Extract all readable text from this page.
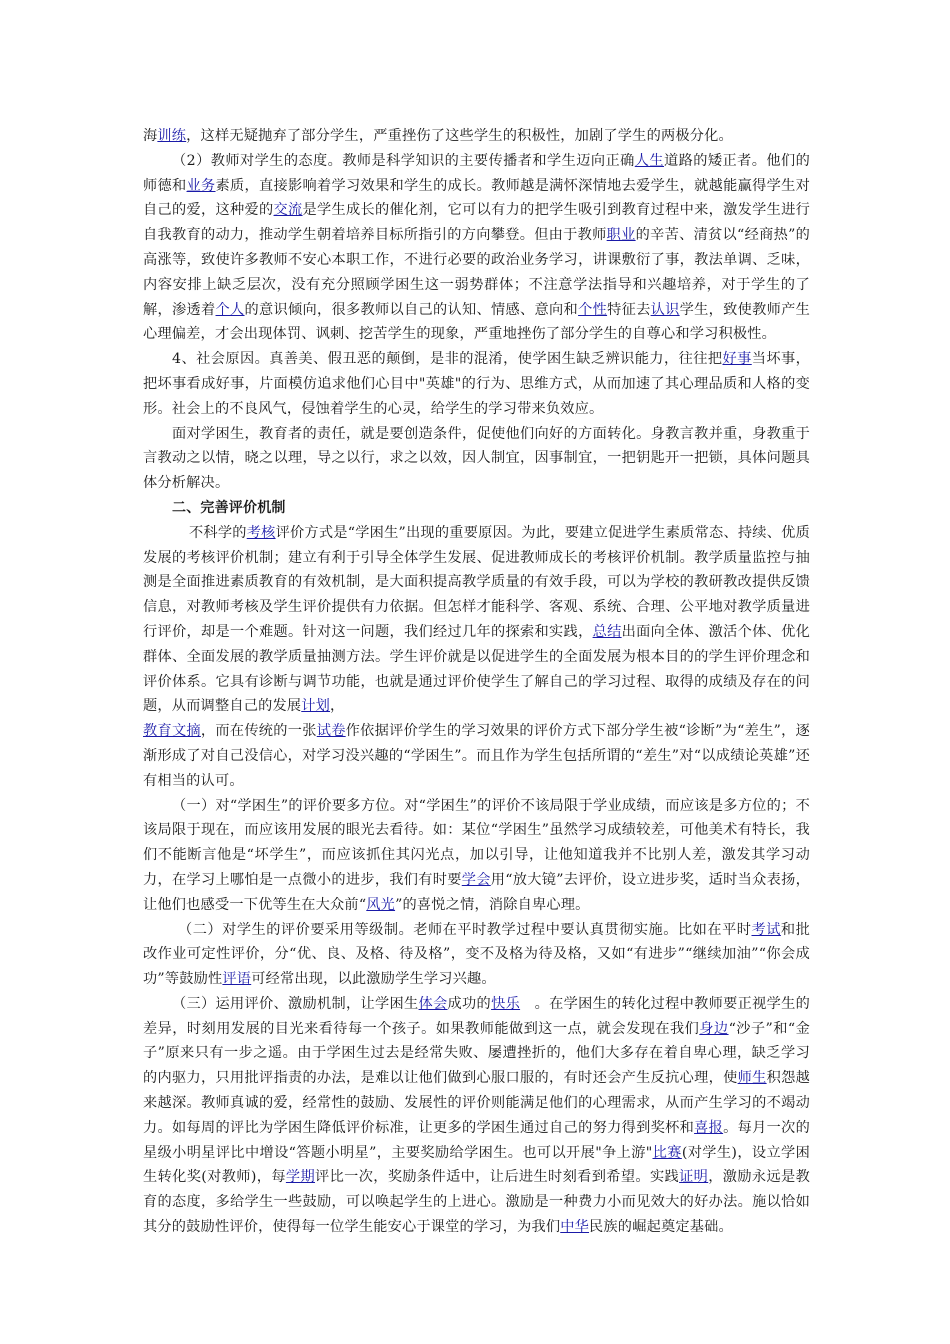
海训练，这样无疑抛弃了部分学生，严重挫伤了这些学生的积极性，加剧了学生的两极分化。

（2）教师对学生的态度。教师是科学知识的主要传播者和学生迈向正确人生道路的矮正者。他们的师德和业务素质，直接影响着学习效果和学生的成长。教师越是满怀深情地去爱学生，就越能赢得学生对自己的爱，这种爱的交流是学生成长的催化剂，它可以有力的把学生吸引到教育过程中来，激发学生进行自我教育的动力，推动学生朝着培养目标所指引的方向攀登。但由于教师职业的辛苦、清贫以“经商热”的高涨等，致使许多教师不安心本职工作，不进行必要的政治业务学习，讲课敷衍了事，教法单调、乏味，内容安排上缺乏层次，没有充分照顾学困生这一弱势群体；不注意学法指导和兴趣培养，对于学生的了解，渗透着个人的意识倾向，很多教师以自己的认知、情感、意向和个性特征去认识学生，致使教师产生心理偏差，才会出现体罚、讽刺、挖苦学生的现象，严重地挫伤了部分学生的自尊心和学习积极性。

4、社会原因。真善美、假丑恶的颠倒，是非的混淆，使学困生缺乏辨识能力，往往把好事当坏事，把坏事看成好事，片面模仿追求他们心目中"英雄"的行为、思维方式，从而加速了其心理品质和人格的变形。社会上的不良风气，侵蚀着学生的心灵，给学生的学习带来负效应。

面对学困生，教育者的责任，就是要创造条件，促使他们向好的方面转化。身教言教并重，身教重于言教动之以情，晓之以理，导之以行，求之以效，因人制宜，因事制宜，一把钥匙开一把锁，具体问题具体分析解决。

二、完善评价机制

不科学的考核评价方式是“学困生”出现的重要原因。为此，要建立促进学生素质常态、持续、优质发展的考核评价机制；建立有利于引导全体学生发展、促进教师成长的考核评价机制。教学质量监控与抽测是全面推进素质教育的有效机制，是大面积提高教学质量的有效手段，可以为学校的教研教改提供反馈信息，对教师考核及学生评价提供有力依据。但怎样才能科学、客观、系统、合理、公平地对教学质量进行评价，却是一个难题。针对这一问题，我们经过几年的探索和实践，总结出面向全体、激活个体、优化群体、全面发展的教学质量抽测方法。学生评价就是以促进学生的全面发展为根本目的的学生评价理念和评价体系。它具有诊断与调节功能，也就是通过评价使学生了解自己的学习过程、取得的成绩及存在的问题，从而调整自己的发展计划，

教育文摘，而在传统的一张试卷作依据评价学生的学习效果的评价方式下部分学生被“诊断”为“差生”，逐渐形成了对自己没信心，对学习没兴趣的“学困生”。而且作为学生包括所谓的“差生”对“以成绩论英雄”还有相当的认可。

（一）对“学困生”的评价要多方位。对“学困生”的评价不该局限于学业成绩，而应该是多方位的；不该局限于现在，而应该用发展的眼光去看待。如：某位“学困生”虽然学习成绩较差，可他美术有特长，我们不能断言他是“坏学生”，而应该抓住其闪光点，加以引导，让他知道我并不比别人差，激发其学习动力，在学习上哪怕是一点微小的进步，我们有时要学会用“放大镜”去评价，设立进步奖，适时当众表扬，让他们也感受一下优等生在大众前“风光”的喜悦之情，消除自卑心理。

（二）对学生的评价要采用等级制。老师在平时教学过程中要认真贯彻实施。比如在平时考试和批改作业可定性评价，分“优、良、及格、待及格”，变不及格为待及格，又如“有进步”“继续加油”“你会成功”等鼓励性评语可经常出现，以此激励学生学习兴趣。

（三）运用评价、激励机制，让学困生体会成功的快乐　。在学困生的转化过程中教师要正视学生的差异，时刻用发展的目光来看待每一个孩子。如果教师能做到这一点，就会发现在我们身边“沙子”和“金子”原来只有一步之遥。由于学困生过去是经常失败、屡遭挫折的，他们大多存在着自卑心理，缺乏学习的内驱力，只用批评指责的办法，是难以让他们做到心服口服的，有时还会产生反抗心理，使师生积怨越来越深。教师真诚的爱，经常性的鼓励、发展性的评价则能满足他们的心理需求，从而产生学习的不竭动力。如每周的评比为学困生降低评价标准，让更多的学困生通过自己的努力得到奖杯和喜报。每月一次的星级小明星评比中增设“答题小明星”，主要奖励给学困生。也可以开展"争上游"比赛(对学生)，设立学困生转化奖(对教师)，每学期评比一次，奖励条件适中，让后进生时刻看到希望。实践证明，激励永远是教育的态度，多给学生一些鼓励，可以唤起学生的上进心。激励是一种费力小而见效大的好办法。施以恰如其分的鼓励性评价，使得每一位学生能安心于课堂的学习，为我们中华民族的崛起奠定基础。
